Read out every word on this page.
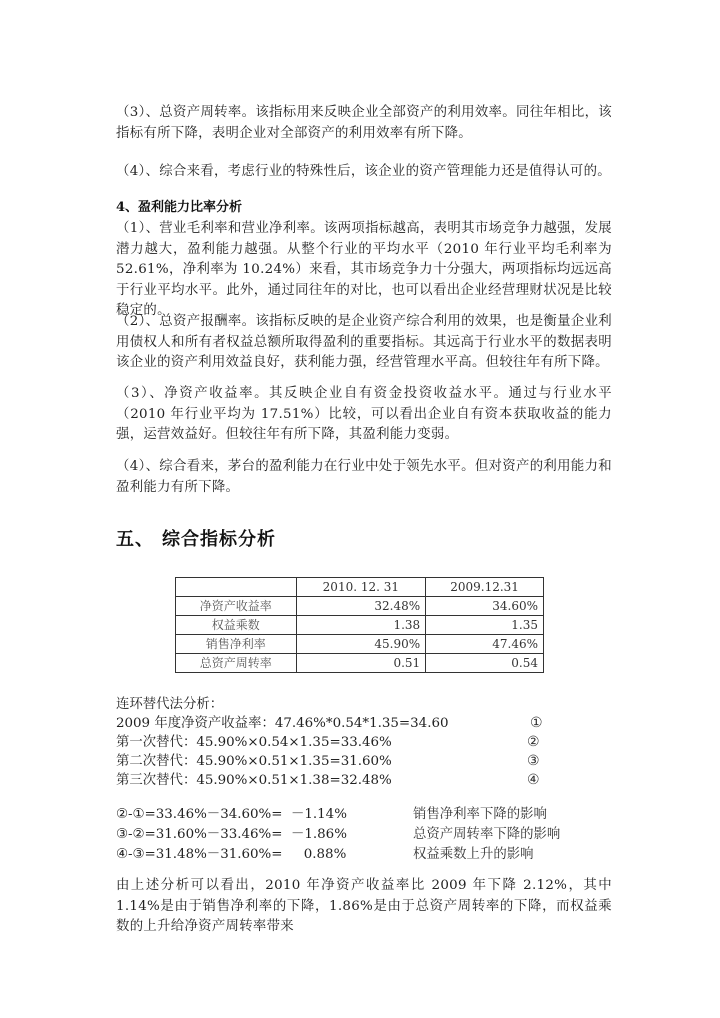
（3）、总资产周转率。该指标用来反映企业全部资产的利用效率。同往年相比，该指标有所下降，表明企业对全部资产的利用效率有所下降。

（4）、综合来看，考虑行业的特殊性后，该企业的资产管理能力还是值得认可的。

4、盈利能力比率分析

（1）、营业毛利率和营业净利率。该两项指标越高，表明其市场竞争力越强，发展潜力越大，盈利能力越强。从整个行业的平均水平（2010 年行业平均毛利率为 52.61%，净利率为 10.24%）来看，其市场竞争力十分强大，两项指标均远远高于行业平均水平。此外，通过同往年的对比，也可以看出企业经营理财状况是比较稳定的。

（2）、总资产报酬率。该指标反映的是企业资产综合利用的效果，也是衡量企业利用债权人和所有者权益总额所取得盈利的重要指标。其远高于行业水平的数据表明该企业的资产利用效益良好，获利能力强，经营管理水平高。但较往年有所下降。

（3）、净资产收益率。其反映企业自有资金投资收益水平。通过与行业水平（2010 年行业平均为 17.51%）比较，可以看出企业自有资本获取收益的能力强，运营效益好。但较往年有所下降，其盈利能力变弱。

（4）、综合看来，茅台的盈利能力在行业中处于领先水平。但对资产的利用能力和盈利能力有所下降。

五、 综合指标分析
	2010. 12. 31	2009.12.31
净资产收益率	32.48%	34.60%
权益乘数	1.38	1.35
销售净利率	45.90%	47.46%
总资产周转率	0.51	0.54

连环替代法分析：

2009 年度净资产收益率：47.46%*0.54*1.35=34.60	①

第一次替代：45.90%×0.54×1.35=33.46%	②

第二次替代：45.90%×0.51×1.35=31.60%	③

第三次替代：45.90%×0.51×1.38=32.48%	④

②-①=33.46%－34.60%=  －1.14%	销售净利率下降的影响

③-②=31.60%－33.46%=  －1.86%	总资产周转率下降的影响

④-③=31.48%－31.60%=     0.88%	权益乘数上升的影响

由上述分析可以看出，2010 年净资产收益率比 2009 年下降 2.12%，其中 1.14%是由于销售净利率的下降，1.86%是由于总资产周转率的下降，而权益乘数的上升给净资产周转率带来
